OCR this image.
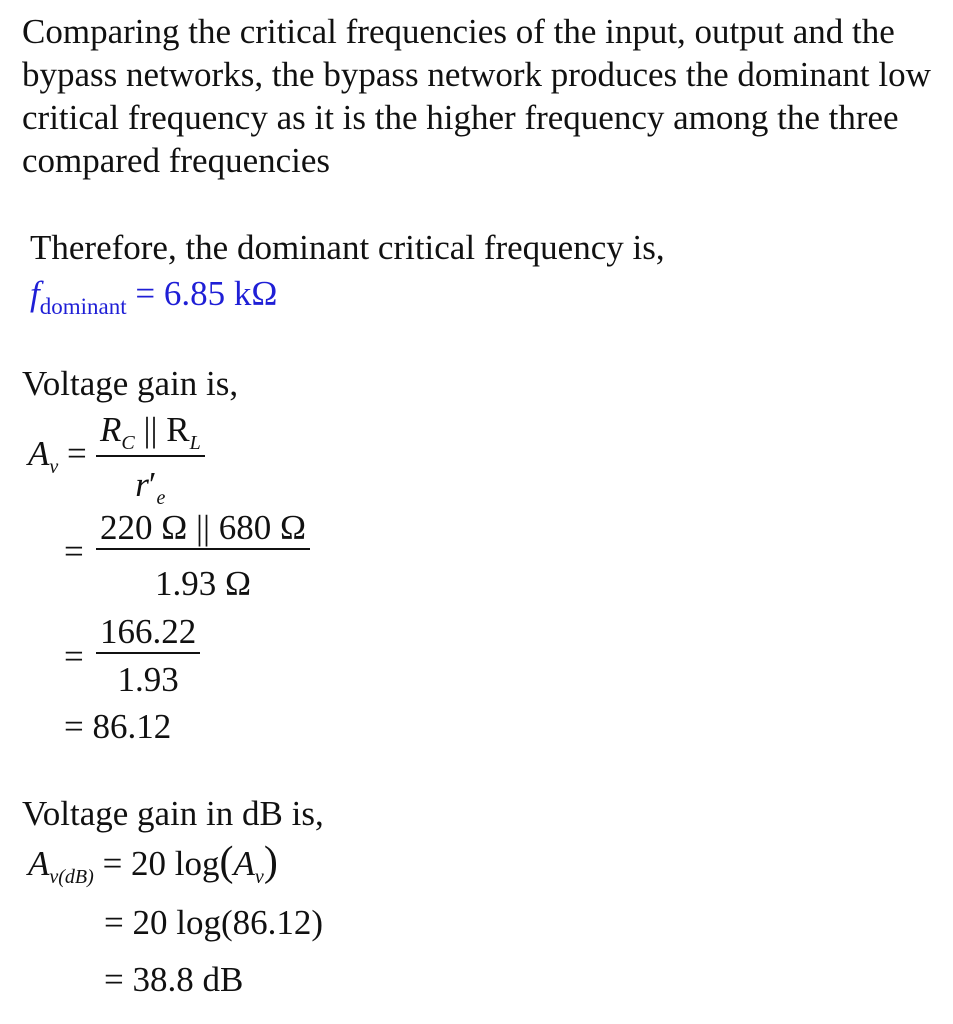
Comparing the critical frequencies of the input, output and the bypass networks, the bypass network produces the dominant low critical frequency as it is the higher frequency among the three compared frequencies
Therefore, the dominant critical frequency is,
$f_{dominant} = 6.85$ kΩ
Voltage gain is,
$A_v$ =
$R_C$ || $R_L$
$r'_e$
=
220 Ω || 680 Ω
1.93 Ω
=
166.22
1.93
= 86.12
Voltage gain in dB is,
$A_{v(dB)} = 20$ $\log(A_v)$
= 20 log(86.12)
= 38.8 dB
